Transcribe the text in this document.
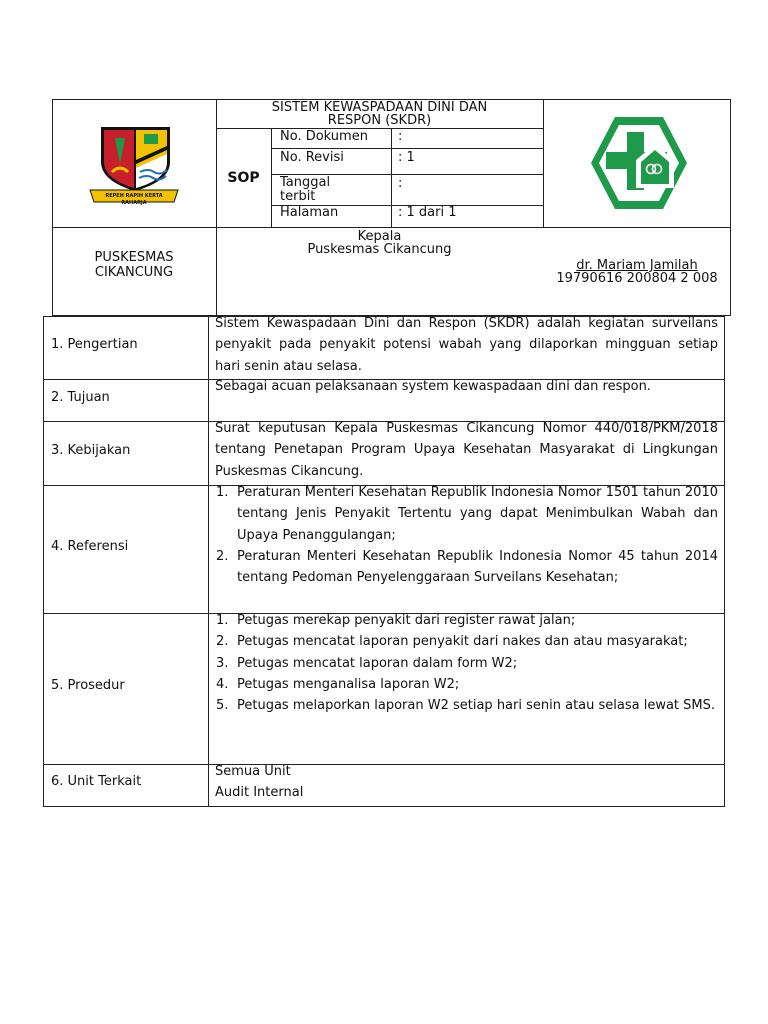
REPEH RAPIH KERTA RAHARJA
SISTEM KEWASPADAAN DINI DAN
RESPON (SKDR)
SOP
No. Dokumen :
No. Revisi	: 1
Tanggal terbit
:
Halaman	: 1 dari 1
PUSKESMAS CIKANCUNG
Kepala
Puskesmas Cikancung
dr. Mariam Jamilah
19790616 200804 2 008
1. Pengertian
2. Tujuan
3. Kebijakan
4. Referensi
5. Prosedur
6. Unit Terkait
Sistem Kewaspadaan Dini dan Respon (SKDR) adalah kegiatan surveilans penyakit pada penyakit potensi wabah yang dilaporkan mingguan setiap hari senin atau selasa.
Sebagai acuan pelaksanaan system kewaspadaan dini dan respon.
Surat keputusan Kepala Puskesmas Cikancung Nomor 440/018/PKM/2018 tentang Penetapan Program Upaya Kesehatan Masyarakat di Lingkungan Puskesmas Cikancung.
1. Peraturan Menteri Kesehatan Republik Indonesia Nomor 1501 tahun 2010 tentang Jenis Penyakit Tertentu yang dapat Menimbulkan Wabah dan Upaya Penanggulangan;
2. Peraturan Menteri Kesehatan Republik Indonesia Nomor 45 tahun 2014 tentang Pedoman Penyelenggaraan Surveilans Kesehatan;
1. Petugas merekap penyakit dari register rawat jalan;
2. Petugas mencatat laporan penyakit dari nakes dan atau masyarakat;
3. Petugas mencatat laporan dalam form W2;
4. Petugas menganalisa laporan W2;
5. Petugas melaporkan laporan W2 setiap hari senin atau selasa lewat SMS.
Semua Unit
Audit Internal
